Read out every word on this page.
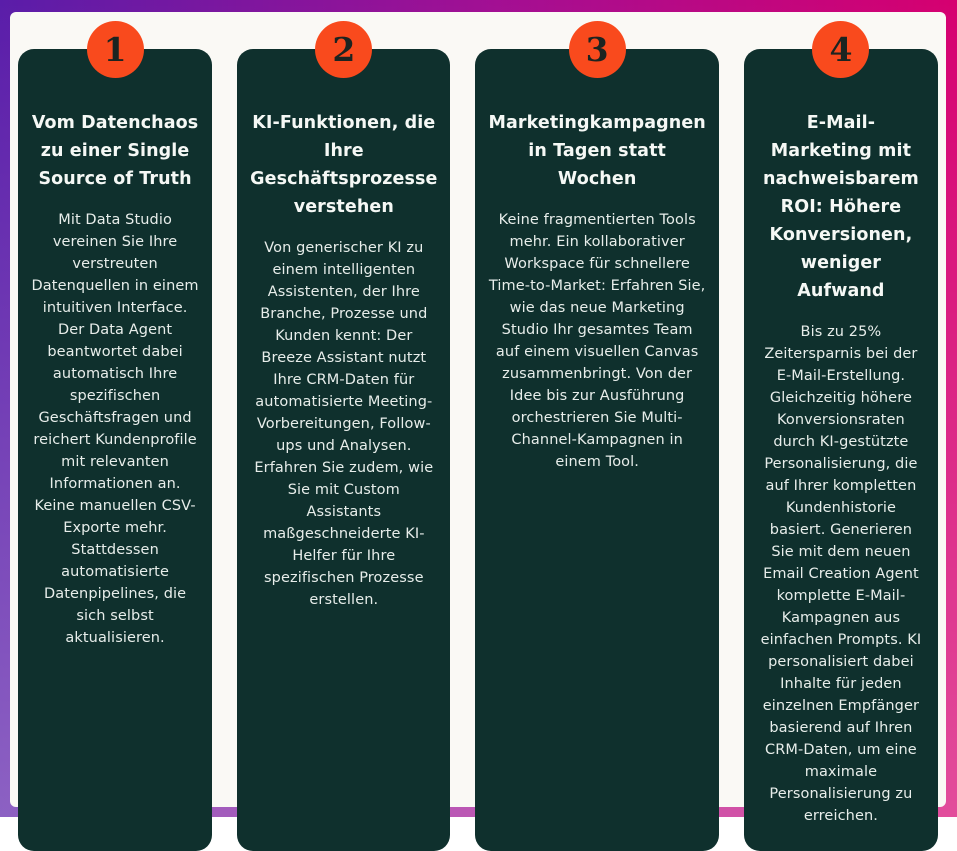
1
Vom Datenchaos zu einer Single Source of Truth

Mit Data Studio vereinen Sie Ihre verstreuten Datenquellen in einem intuitiven Interface. Der Data Agent beantwortet dabei automatisch Ihre spezifischen Geschäftsfragen und reichert Kundenprofile mit relevanten Informationen an. Keine manuellen CSV-Exporte mehr. Stattdessen automatisierte Datenpipelines, die sich selbst aktualisieren.

2
KI-Funktionen, die Ihre Geschäftsprozesse verstehen

Von generischer KI zu einem intelligenten Assistenten, der Ihre Branche, Prozesse und Kunden kennt: Der Breeze Assistant nutzt Ihre CRM-Daten für automatisierte Meeting-Vorbereitungen, Follow-ups und Analysen. Erfahren Sie zudem, wie Sie mit Custom Assistants maßgeschneiderte KI-Helfer für Ihre spezifischen Prozesse erstellen.

3
Marketingkampagnen in Tagen statt Wochen

Keine fragmentierten Tools mehr. Ein kollaborativer Workspace für schnellere Time-to-Market: Erfahren Sie, wie das neue Marketing Studio Ihr gesamtes Team auf einem visuellen Canvas zusammenbringt. Von der Idee bis zur Ausführung orchestrieren Sie Multi-Channel-Kampagnen in einem Tool.

4
E-Mail-Marketing mit nachweisbarem ROI: Höhere Konversionen, weniger Aufwand

Bis zu 25% Zeitersparnis bei der E-Mail-Erstellung. Gleichzeitig höhere Konversionsraten durch KI-gestützte Personalisierung, die auf Ihrer kompletten Kundenhistorie basiert. Generieren Sie mit dem neuen Email Creation Agent komplette E-Mail-Kampagnen aus einfachen Prompts. KI personalisiert dabei Inhalte für jeden einzelnen Empfänger basierend auf Ihren CRM-Daten, um eine maximale Personalisierung zu erreichen.
